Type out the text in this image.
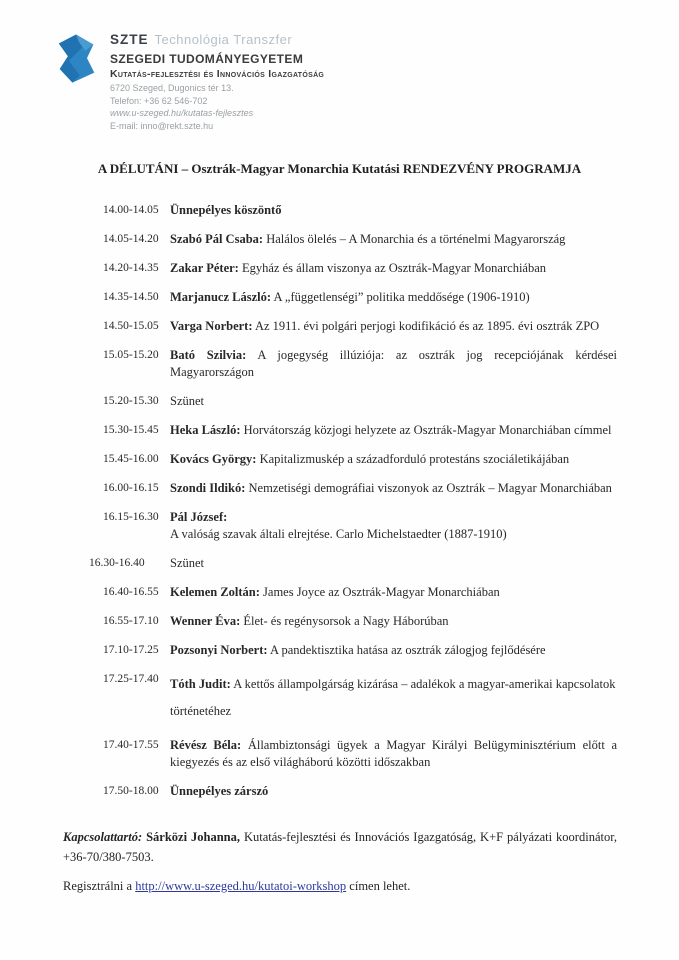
SZTE Technológia Transzfer
SZEGEDI TUDOMÁNYEGYETEM
Kutatás-fejlesztési és Innovációs Igazgatóság
6720 Szeged, Dugonics tér 13.
Telefon: +36 62 546-702
www.u-szeged.hu/kutatas-fejlesztes
E-mail: inno@rekt.szte.hu
A DÉLUTÁNI – Osztrák-Magyar Monarchia Kutatási RENDEZVÉNY PROGRAMJA
14.00-14.05 Ünnepélyes köszöntő
14.05-14.20 Szabó Pál Csaba: Halálos ölelés – A Monarchia és a történelmi Magyarország
14.20-14.35 Zakar Péter: Egyház és állam viszonya az Osztrák-Magyar Monarchiában
14.35-14.50 Marjanucz László: A „függetlenségi” politika meddősége (1906-1910)
14.50-15.05 Varga Norbert: Az 1911. évi polgári perjogi kodifikáció és az 1895. évi osztrák ZPO
15.05-15.20 Bató Szilvia: A jogegység illúziója: az osztrák jog recepciójának kérdései Magyarországon
15.20-15.30 Szünet
15.30-15.45 Heka László: Horvátország közjogi helyzete az Osztrák-Magyar Monarchiában címmel
15.45-16.00 Kovács György: Kapitalizmuskép a századforduló protestáns szociáletikájában
16.00-16.15 Szondi Ildikó: Nemzetiségi demográfiai viszonyok az Osztrák – Magyar Monarchiában
16.15-16.30 Pál József:
A valóság szavak általi elrejtése. Carlo Michelstaedter (1887-1910)
16.30-16.40	Szünet
16.40-16.55 Kelemen Zoltán: James Joyce az Osztrák-Magyar Monarchiában
16.55-17.10 Wenner Éva: Élet- és regénysorsok a Nagy Háborúban
17.10-17.25 Pozsonyi Norbert: A pandektisztika hatása az osztrák zálogjog fejlődésére
17.25-17.40 Tóth Judit: A kettős állampolgárság kizárása – adalékok a magyar-amerikai kapcsolatok történetéhez
17.40-17.55 Révész Béla: Állambiztonsági ügyek a Magyar Királyi Belügyminisztérium előtt a kiegyezés és az első világháború közötti időszakban
17.50-18.00 Ünnepélyes zárszó

Kapcsolattartó: Sárközi Johanna, Kutatás-fejlesztési és Innovációs Igazgatóság, K+F pályázati koordinátor, +36-70/380-7503.

Regisztrálni a http://www.u-szeged.hu/kutatoi-workshop címen lehet.
